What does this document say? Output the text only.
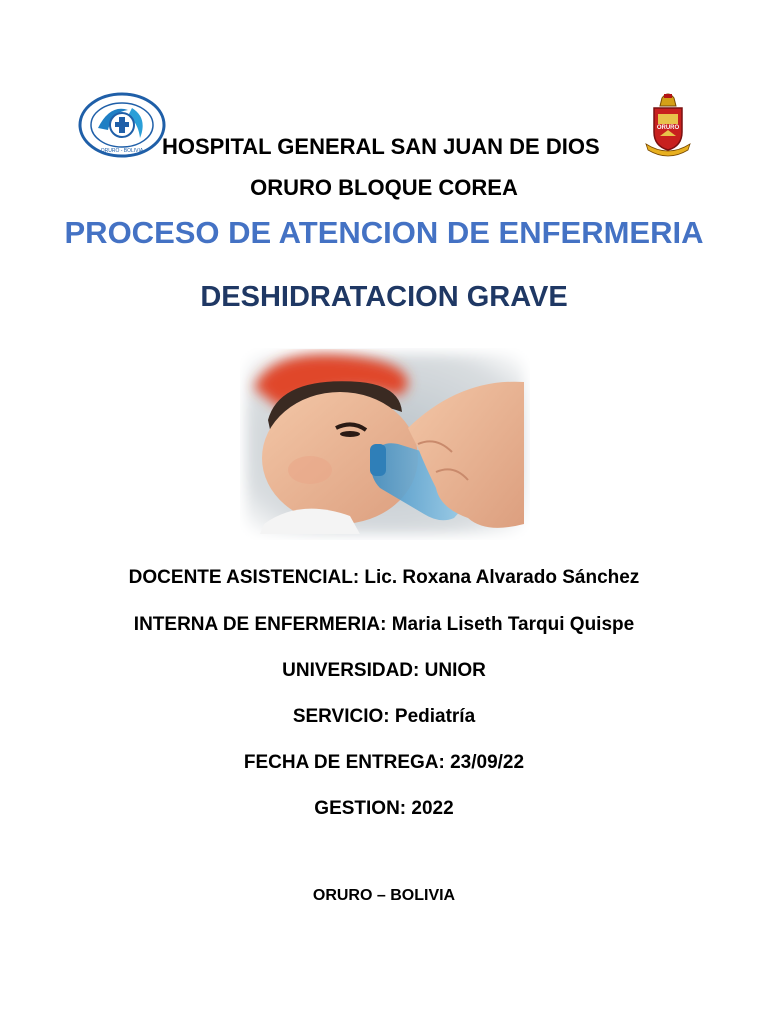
ORURO - BOLIVIA
ORURO
HOSPITAL GENERAL SAN JUAN DE DIOS
ORURO BLOQUE COREA
PROCESO DE ATENCION DE ENFERMERIA
DESHIDRATACION GRAVE
DOCENTE ASISTENCIAL: Lic. Roxana Alvarado Sánchez
INTERNA DE ENFERMERIA: Maria Liseth Tarqui Quispe
UNIVERSIDAD: UNIOR
SERVICIO: Pediatría
FECHA DE ENTREGA: 23/09/22
GESTION: 2022
ORURO – BOLIVIA
